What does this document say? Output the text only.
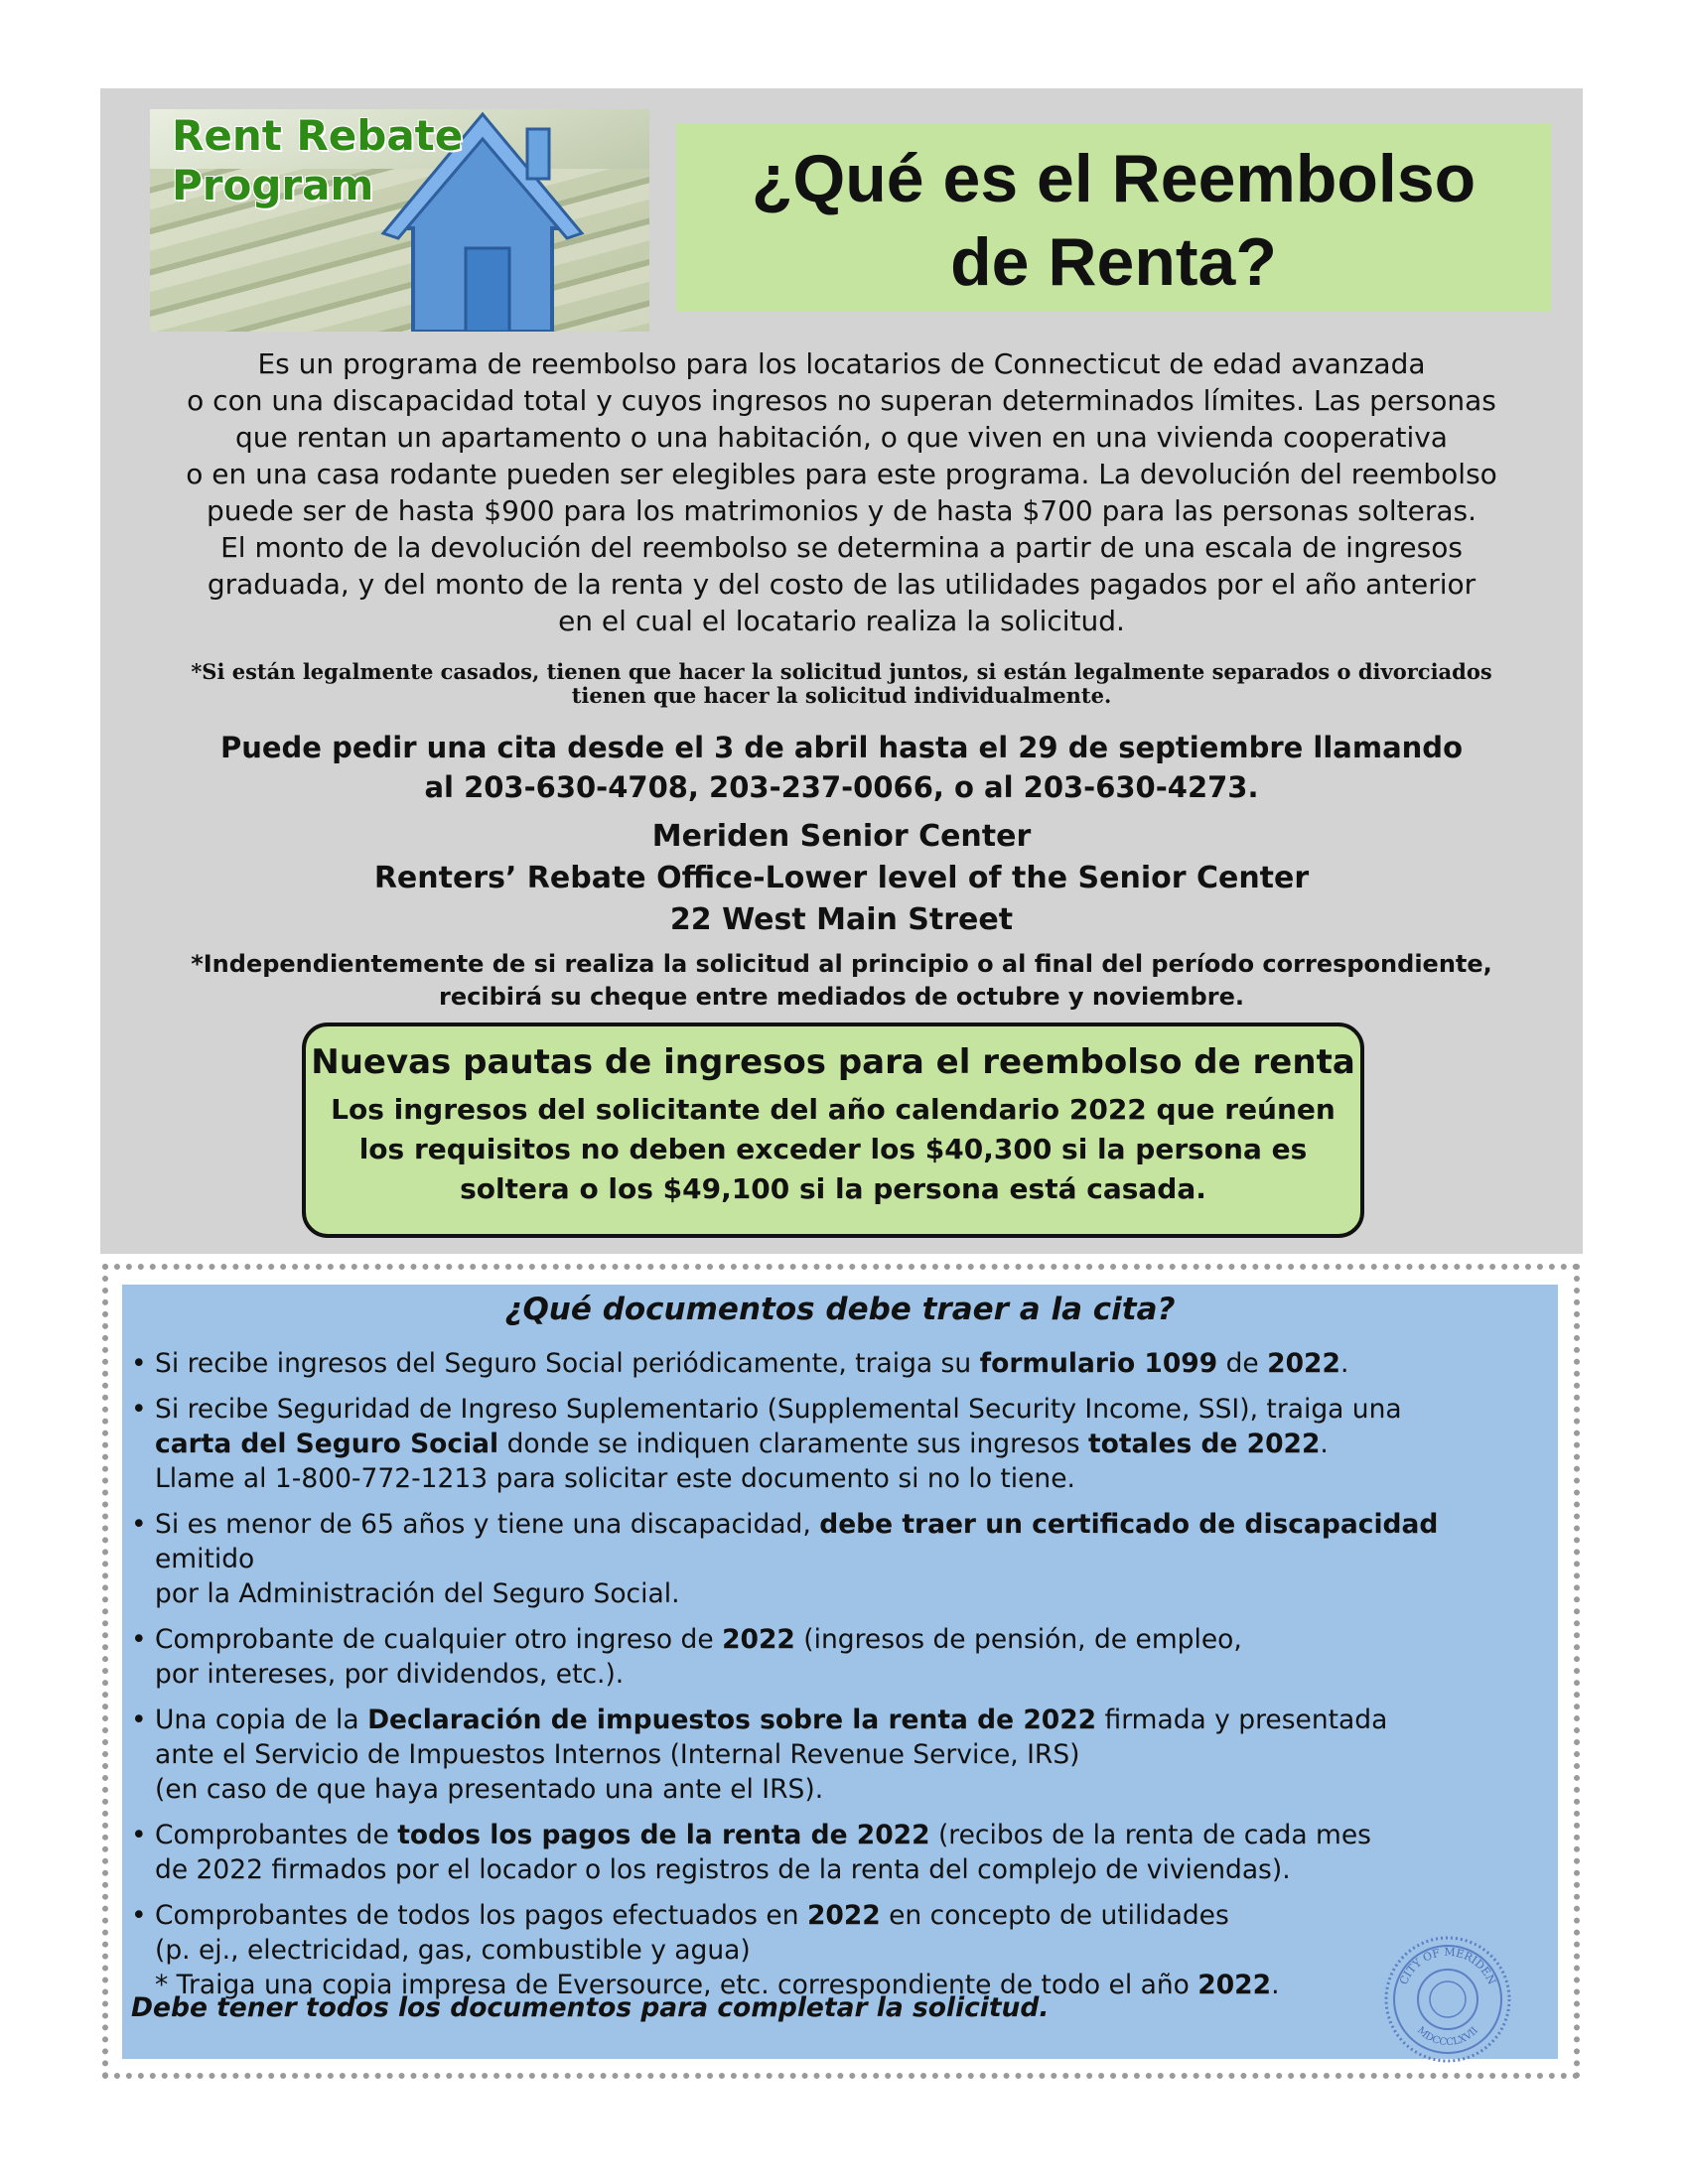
Rent Rebate
Program	¿Qué es el Reembolso
de Renta?
Es un programa de reembolso para los locatarios de Connecticut de edad avanzada
o con una discapacidad total y cuyos ingresos no superan determinados límites. Las personas
que rentan un apartamento o una habitación, o que viven en una vivienda cooperativa
o en una casa rodante pueden ser elegibles para este programa. La devolución del reembolso
puede ser de hasta $900 para los matrimonios y de hasta $700 para las personas solteras.
El monto de la devolución del reembolso se determina a partir de una escala de ingresos
graduada, y del monto de la renta y del costo de las utilidades pagados por el año anterior
en el cual el locatario realiza la solicitud.
*Si están legalmente casados, tienen que hacer la solicitud juntos, si están legalmente separados o divorciados
tienen que hacer la solicitud individualmente.
Puede pedir una cita desde el 3 de abril hasta el 29 de septiembre llamando
al 203-630-4708, 203-237-0066, o al 203-630-4273.
Meriden Senior Center
Renters’ Rebate Office-Lower level of the Senior Center
22 West Main Street
*Independientemente de si realiza la solicitud al principio o al final del período correspondiente,
recibirá su cheque entre mediados de octubre y noviembre.
Nuevas pautas de ingresos para el reembolso de renta
Los ingresos del solicitante del año calendario 2022 que reúnen
los requisitos no deben exceder los $40,300 si la persona es
soltera o los $49,100 si la persona está casada.
¿Qué documentos debe traer a la cita?
• Si recibe ingresos del Seguro Social periódicamente, traiga su formulario 1099 de 2022.
• Si recibe Seguridad de Ingreso Suplementario (Supplemental Security Income, SSI), traiga una
carta del Seguro Social donde se indiquen claramente sus ingresos totales de 2022.
Llame al 1-800-772-1213 para solicitar este documento si no lo tiene.
• Si es menor de 65 años y tiene una discapacidad, debe traer un certificado de discapacidad emitido
por la Administración del Seguro Social.
• Comprobante de cualquier otro ingreso de 2022 (ingresos de pensión, de empleo,
por intereses, por dividendos, etc.).
• Una copia de la Declaración de impuestos sobre la renta de 2022 firmada y presentada
ante el Servicio de Impuestos Internos (Internal Revenue Service, IRS)
(en caso de que haya presentado una ante el IRS).
• Comprobantes de todos los pagos de la renta de 2022 (recibos de la renta de cada mes
de 2022 firmados por el locador o los registros de la renta del complejo de viviendas).
• Comprobantes de todos los pagos efectuados en 2022 en concepto de utilidades
(p. ej., electricidad, gas, combustible y agua)
* Traiga una copia impresa de Eversource, etc. correspondiente de todo el año 2022.
Debe tener todos los documentos para completar la solicitud.
CITY OF MERIDEN
MDCCCLXVII
